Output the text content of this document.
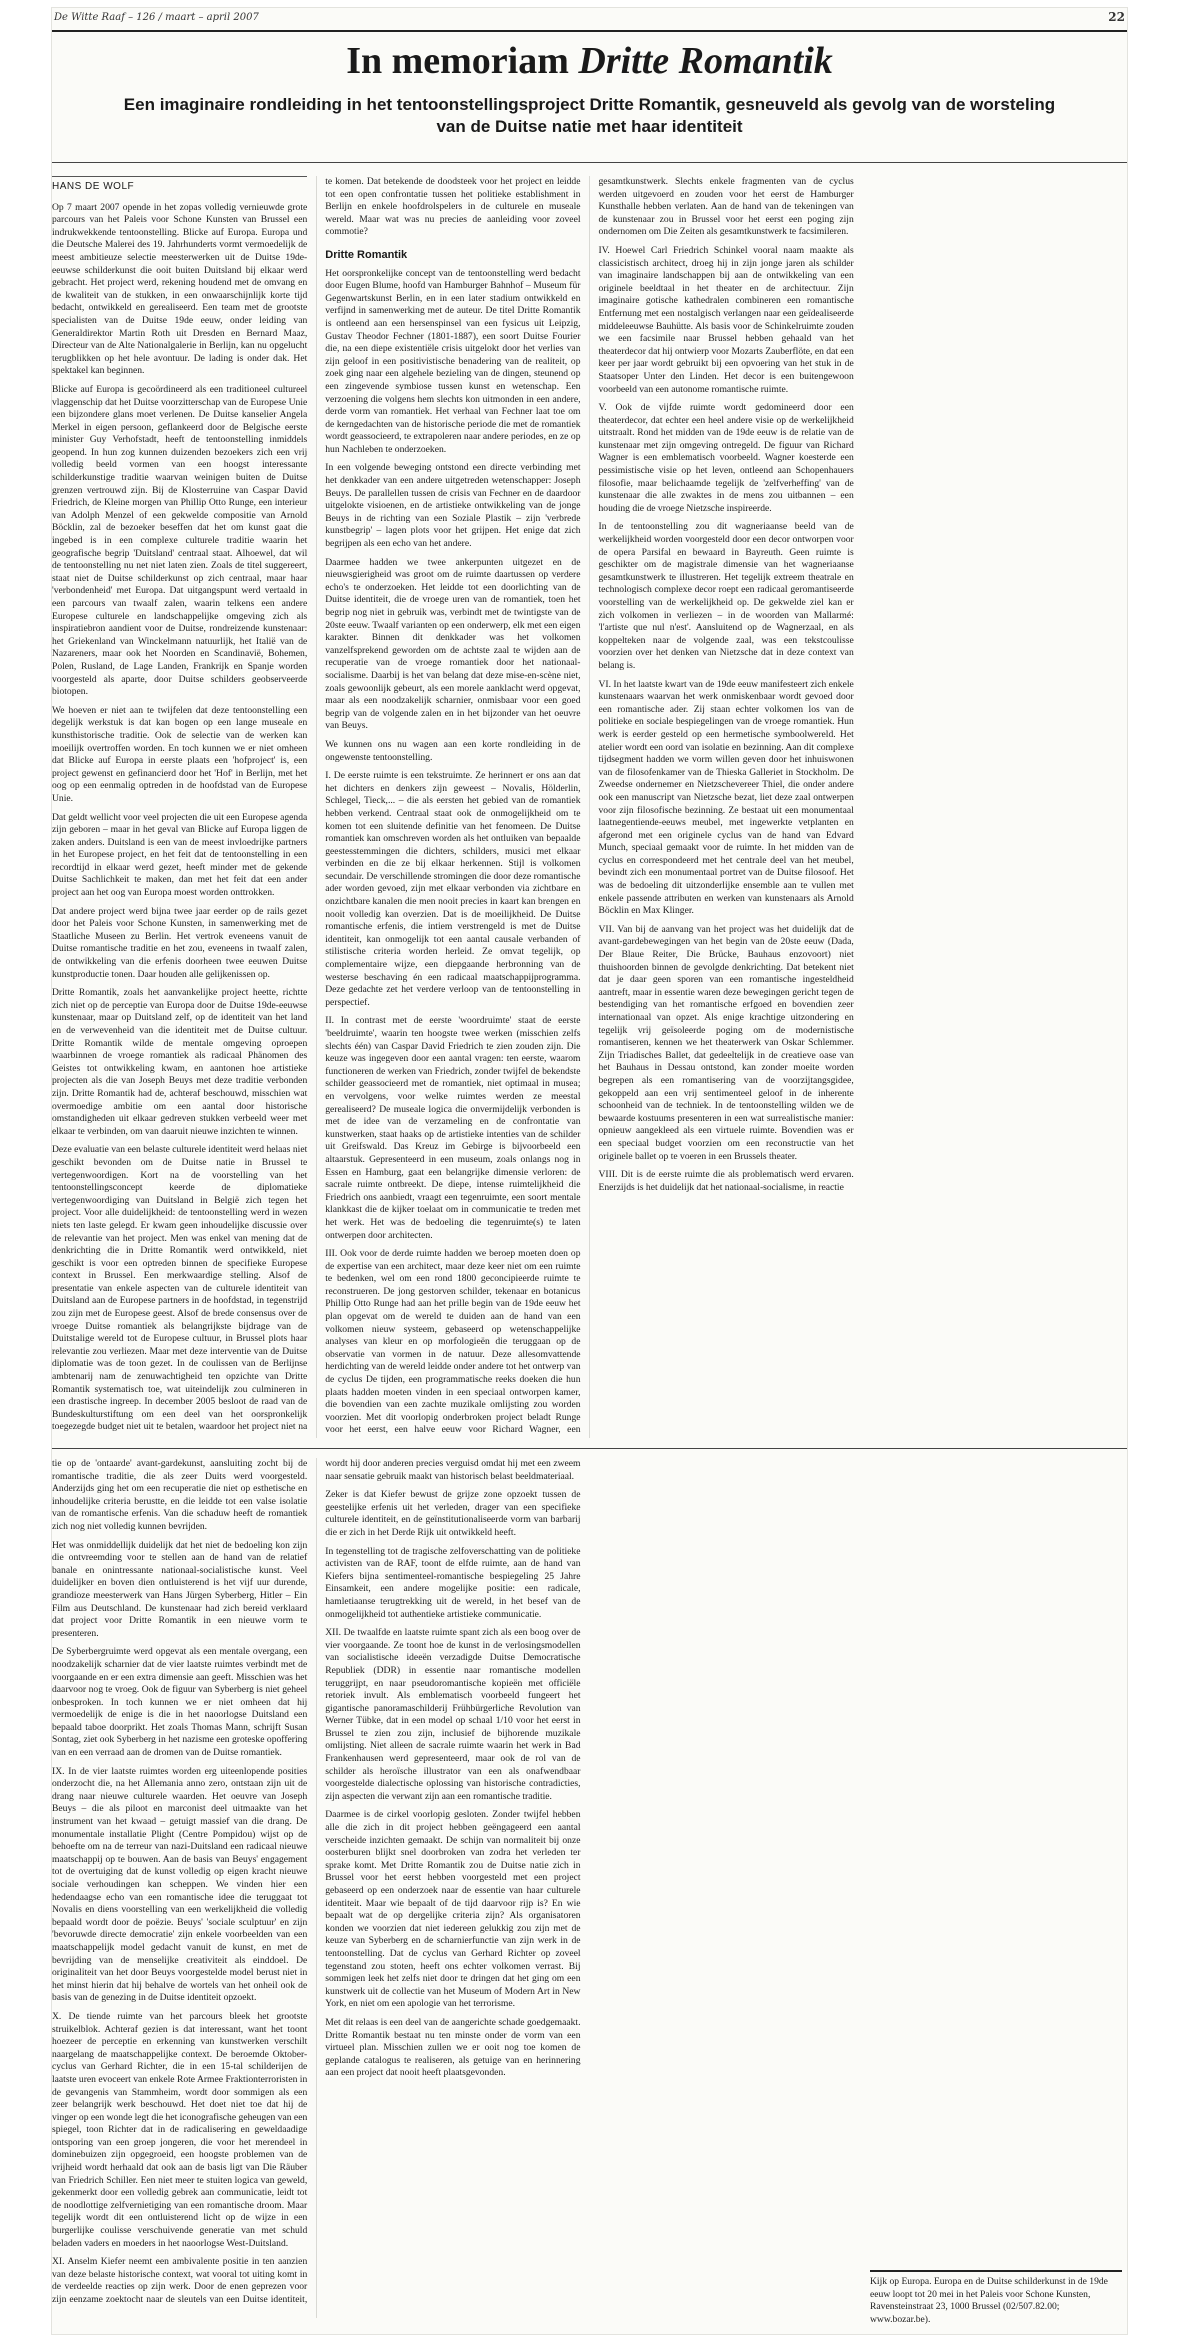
De Witte Raaf – 126 / maart – april 2007	22
In memoriam Dritte Romantik
Een imaginaire rondleiding in het tentoonstellingsproject Dritte Romantik, gesneuveld als gevolg van de worsteling van de Duitse natie met haar identiteit
HANS DE WOLF

Op 7 maart 2007 opende in het zopas volledig vernieuwde grote parcours van het Paleis voor Schone Kunsten van Brussel een indrukwekkende tentoonstelling. Blicke auf Europa. Europa und die Deutsche Malerei des 19. Jahrhunderts vormt vermoedelijk de meest ambitieuze selectie meesterwerken uit de Duitse 19de-eeuwse schilderkunst die ooit buiten Duitsland bij elkaar werd gebracht. Het project werd, rekening houdend met de omvang en de kwaliteit van de stukken, in een onwaarschijnlijk korte tijd bedacht, ontwikkeld en gerealiseerd. Een team met de grootste specialisten van de Duitse 19de eeuw, onder leiding van Generaldirektor Martin Roth uit Dresden en Bernard Maaz, Directeur van de Alte Nationalgalerie in Berlijn, kan nu opgelucht terugblikken op het hele avontuur. De lading is onder dak. Het spektakel kan beginnen.

Blicke auf Europa is gecoördineerd als een traditioneel cultureel vlaggenschip dat het Duitse voorzitterschap van de Europese Unie een bijzondere glans moet verlenen. De Duitse kanselier Angela Merkel in eigen persoon, geflankeerd door de Belgische eerste minister Guy Verhofstadt, heeft de tentoonstelling inmiddels geopend. In hun zog kunnen duizenden bezoekers zich een vrij volledig beeld vormen van een hoogst interessante schilderkunstige traditie waarvan weinigen buiten de Duitse grenzen vertrouwd zijn. Bij de Klosterruine van Caspar David Friedrich, de Kleine morgen van Phillip Otto Runge, een interieur van Adolph Menzel of een gekwelde compositie van Arnold Böcklin, zal de bezoeker beseffen dat het om kunst gaat die ingebed is in een complexe culturele traditie waarin het geografische begrip 'Duitsland' centraal staat. Alhoewel, dat wil de tentoonstelling nu net niet laten zien. Zoals de titel suggereert, staat niet de Duitse schilderkunst op zich centraal, maar haar 'verbondenheid' met Europa. Dat uitgangspunt werd vertaald in een parcours van twaalf zalen, waarin telkens een andere Europese culturele en landschappelijke omgeving zich als inspiratiebron aandient voor de Duitse, rondreizende kunstenaar: het Griekenland van Winckelmann natuurlijk, het Italië van de Nazareners, maar ook het Noorden en Scandinavië, Bohemen, Polen, Rusland, de Lage Landen, Frankrijk en Spanje worden voorgesteld als aparte, door Duitse schilders geobserveerde biotopen.

We hoeven er niet aan te twijfelen dat deze tentoonstelling een degelijk werkstuk is dat kan bogen op een lange museale en kunsthistorische traditie. Ook de selectie van de werken kan moeilijk overtroffen worden. En toch kunnen we er niet omheen dat Blicke auf Europa in eerste plaats een 'hofproject' is, een project gewenst en gefinancierd door het 'Hof' in Berlijn, met het oog op een eenmalig optreden in de hoofdstad van de Europese Unie.

Dat geldt wellicht voor veel projecten die uit een Europese agenda zijn geboren – maar in het geval van Blicke auf Europa liggen de zaken anders. Duitsland is een van de meest invloedrijke partners in het Europese project, en het feit dat de tentoonstelling in een recordtijd in elkaar werd gezet, heeft minder met de gekende Duitse Sachlichkeit te maken, dan met het feit dat een ander project aan het oog van Europa moest worden onttrokken.

Dat andere project werd bijna twee jaar eerder op de rails gezet door het Paleis voor Schone Kunsten, in samenwerking met de Staatliche Museen zu Berlin. Het vertrok eveneens vanuit de Duitse romantische traditie en het zou, eveneens in twaalf zalen, de ontwikkeling van die erfenis doorheen twee eeuwen Duitse kunstproductie tonen. Daar houden alle gelijkenissen op.

Dritte Romantik, zoals het aanvankelijke project heette, richtte zich niet op de perceptie van Europa door de Duitse 19de-eeuwse kunstenaar, maar op Duitsland zelf, op de identiteit van het land en de verwevenheid van die identiteit met de Duitse cultuur. Dritte Romantik wilde de mentale omgeving oproepen waarbinnen de vroege romantiek als radicaal Phänomen des Geistes tot ontwikkeling kwam, en aantonen hoe artistieke projecten als die van Joseph Beuys met deze traditie verbonden zijn. Dritte Romantik had de, achteraf beschouwd, misschien wat overmoedige ambitie om een aantal door historische omstandigheden uit elkaar gedreven stukken verbeeld weer met elkaar te verbinden, om van daaruit nieuwe inzichten te winnen.

Deze evaluatie van een belaste culturele identiteit werd helaas niet geschikt bevonden om de Duitse natie in Brussel te vertegenwoordigen. Kort na de voorstelling van het tentoonstellingsconcept keerde de diplomatieke vertegenwoordiging van Duitsland in België zich tegen het project. Voor alle duidelijkheid: de tentoonstelling werd in wezen niets ten laste gelegd. Er kwam geen inhoudelijke discussie over de relevantie van het project. Men was enkel van mening dat de denkrichting die in Dritte Romantik werd ontwikkeld, niet geschikt is voor een optreden binnen de specifieke Europese context in Brussel. Een merkwaardige stelling. Alsof de presentatie van enkele aspecten van de culturele identiteit van Duitsland aan de Europese partners in de hoofdstad, in tegenstrijd zou zijn met de Europese geest. Alsof de brede consensus over de vroege Duitse romantiek als belangrijkste bijdrage van de Duitstalige wereld tot de Europese cultuur, in Brussel plots haar relevantie zou verliezen. Maar met deze interventie van de Duitse diplomatie was de toon gezet. In de coulissen van de Berlijnse ambtenarij nam de zenuwachtigheid ten opzichte van Dritte Romantik systematisch toe, wat uiteindelijk zou culmineren in een drastische ingreep. In december 2005 besloot de raad van de Bundeskulturstiftung om een deel van het oorspronkelijk toegezegde budget niet uit te betalen, waardoor het project niet na te komen. Dat betekende de doodsteek voor het project en leidde tot een open confrontatie tussen het politieke establishment in Berlijn en enkele hoofdrolspelers in de culturele en museale wereld. Maar wat was nu precies de aanleiding voor zoveel commotie?

Dritte Romantik

Het oorspronkelijke concept van de tentoonstelling werd bedacht door Eugen Blume, hoofd van Hamburger Bahnhof – Museum für Gegenwartskunst Berlin, en in een later stadium ontwikkeld en verfijnd in samenwerking met de auteur. De titel Dritte Romantik is ontleend aan een hersenspinsel van een fysicus uit Leipzig, Gustav Theodor Fechner (1801-1887), een soort Duitse Fourier die, na een diepe existentiële crisis uitgelokt door het verlies van zijn geloof in een positivistische benadering van de realiteit, op zoek ging naar een algehele bezieling van de dingen, steunend op een zingevende symbiose tussen kunst en wetenschap. Een verzoening die volgens hem slechts kon uitmonden in een andere, derde vorm van romantiek. Het verhaal van Fechner laat toe om de kerngedachten van de historische periode die met de romantiek wordt geassocieerd, te extrapoleren naar andere periodes, en ze op hun Nachleben te onderzoeken.

In een volgende beweging ontstond een directe verbinding met het denkkader van een andere uitgetreden wetenschapper: Joseph Beuys. De parallellen tussen de crisis van Fechner en de daardoor uitgelokte visioenen, en de artistieke ontwikkeling van de jonge Beuys in de richting van een Soziale Plastik – zijn 'verbrede kunstbegrip' – lagen plots voor het grijpen. Het enige dat zich begrijpen als een echo van het andere.

Daarmee hadden we twee ankerpunten uitgezet en de nieuwsgierigheid was groot om de ruimte daartussen op verdere echo's te onderzoeken. Het leidde tot een doorlichting van de Duitse identiteit, die de vroege uren van de romantiek, toen het begrip nog niet in gebruik was, verbindt met de twintigste van de 20ste eeuw. Twaalf varianten op een onderwerp, elk met een eigen karakter. Binnen dit denkkader was het volkomen vanzelfsprekend geworden om de achtste zaal te wijden aan de recuperatie van de vroege romantiek door het nationaal-socialisme. Daarbij is het van belang dat deze mise-en-scène niet, zoals gewoonlijk gebeurt, als een morele aanklacht werd opgevat, maar als een noodzakelijk scharnier, onmisbaar voor een goed begrip van de volgende zalen en in het bijzonder van het oeuvre van Beuys.

We kunnen ons nu wagen aan een korte rondleiding in de ongewenste tentoonstelling.

I. De eerste ruimte is een tekstruimte. Ze herinnert er ons aan dat het dichters en denkers zijn geweest – Novalis, Hölderlin, Schlegel, Tieck,... – die als eersten het gebied van de romantiek hebben verkend. Centraal staat ook de onmogelijkheid om te komen tot een sluitende definitie van het fenomeen. De Duitse romantiek kan omschreven worden als het ontluiken van bepaalde geestesstemmingen die dichters, schilders, musici met elkaar verbinden en die ze bij elkaar herkennen. Stijl is volkomen secundair. De verschillende stromingen die door deze romantische ader worden gevoed, zijn met elkaar verbonden via zichtbare en onzichtbare kanalen die men nooit precies in kaart kan brengen en nooit volledig kan overzien. Dat is de moeilijkheid. De Duitse romantische erfenis, die intiem verstrengeld is met de Duitse identiteit, kan onmogelijk tot een aantal causale verbanden of stilistische criteria worden herleid. Ze omvat tegelijk, op complementaire wijze, een diepgaande herbronning van de westerse beschaving én een radicaal maatschappijprogramma. Deze gedachte zet het verdere verloop van de tentoonstelling in perspectief.

II. In contrast met de eerste 'woordruimte' staat de eerste 'beeldruimte', waarin ten hoogste twee werken (misschien zelfs slechts één) van Caspar David Friedrich te zien zouden zijn. Die keuze was ingegeven door een aantal vragen: ten eerste, waarom functioneren de werken van Friedrich, zonder twijfel de bekendste schilder geassocieerd met de romantiek, niet optimaal in musea; en vervolgens, voor welke ruimtes werden ze meestal gerealiseerd? De museale logica die onvermijdelijk verbonden is met de idee van de verzameling en de confrontatie van kunstwerken, staat haaks op de artistieke intenties van de schilder uit Greifswald. Das Kreuz im Gebirge is bijvoorbeeld een altaarstuk. Gepresenteerd in een museum, zoals onlangs nog in Essen en Hamburg, gaat een belangrijke dimensie verloren: de sacrale ruimte ontbreekt. De diepe, intense ruimtelijkheid die Friedrich ons aanbiedt, vraagt een tegenruimte, een soort mentale klankkast die de kijker toelaat om in communicatie te treden met het werk. Het was de bedoeling die tegenruimte(s) te laten ontwerpen door architecten.

III. Ook voor de derde ruimte hadden we beroep moeten doen op de expertise van een architect, maar deze keer niet om een ruimte te bedenken, wel om een rond 1800 geconcipieerde ruimte te reconstrueren. De jong gestorven schilder, tekenaar en botanicus Phillip Otto Runge had aan het prille begin van de 19de eeuw het plan opgevat om de wereld te duiden aan de hand van een volkomen nieuw systeem, gebaseerd op wetenschappelijke analyses van kleur en op morfologieën die teruggaan op de observatie van vormen in de natuur. Deze allesomvattende herdichting van de wereld leidde onder andere tot het ontwerp van de cyclus De tijden, een programmatische reeks doeken die hun plaats hadden moeten vinden in een speciaal ontworpen kamer, die bovendien van een zachte muzikale omlijsting zou worden voorzien. Met dit voorlopig onderbroken project beladt Runge voor het eerst, een halve eeuw voor Richard Wagner, een gesamtkunstwerk. Slechts enkele fragmenten van de cyclus werden uitgevoerd en zouden voor het eerst de Hamburger Kunsthalle hebben verlaten. Aan de hand van de tekeningen van de kunstenaar zou in Brussel voor het eerst een poging zijn ondernomen om Die Zeiten als gesamtkunstwerk te facsimileren.

IV. Hoewel Carl Friedrich Schinkel vooral naam maakte als classicistisch architect, droeg hij in zijn jonge jaren als schilder van imaginaire landschappen bij aan de ontwikkeling van een originele beeldtaal in het theater en de architectuur. Zijn imaginaire gotische kathedralen combineren een romantische Entfernung met een nostalgisch verlangen naar een geïdealiseerde middeleeuwse Bauhütte. Als basis voor de Schinkelruimte zouden we een facsimile naar Brussel hebben gehaald van het theaterdecor dat hij ontwierp voor Mozarts Zauberflöte, en dat een keer per jaar wordt gebruikt bij een opvoering van het stuk in de Staatsoper Unter den Linden. Het decor is een buitengewoon voorbeeld van een autonome romantische ruimte.

V. Ook de vijfde ruimte wordt gedomineerd door een theaterdecor, dat echter een heel andere visie op de werkelijkheid uitstraalt. Rond het midden van de 19de eeuw is de relatie van de kunstenaar met zijn omgeving ontregeld. De figuur van Richard Wagner is een emblematisch voorbeeld. Wagner koesterde een pessimistische visie op het leven, ontleend aan Schopenhauers filosofie, maar belichaamde tegelijk de 'zelfverheffing' van de kunstenaar die alle zwaktes in de mens zou uitbannen – een houding die de vroege Nietzsche inspireerde.

In de tentoonstelling zou dit wagneriaanse beeld van de werkelijkheid worden voorgesteld door een decor ontworpen voor de opera Parsifal en bewaard in Bayreuth. Geen ruimte is geschikter om de magistrale dimensie van het wagneriaanse gesamtkunstwerk te illustreren. Het tegelijk extreem theatrale en technologisch complexe decor roept een radicaal geromantiseerde voorstelling van de werkelijkheid op. De gekwelde ziel kan er zich volkomen in verliezen – in de woorden van Mallarmé: 'l'artiste que nul n'est'. Aansluitend op de Wagnerzaal, en als koppelteken naar de volgende zaal, was een tekstcoulisse voorzien over het denken van Nietzsche dat in deze context van belang is.

VI. In het laatste kwart van de 19de eeuw manifesteert zich enkele kunstenaars waarvan het werk onmiskenbaar wordt gevoed door een romantische ader. Zij staan echter volkomen los van de politieke en sociale bespiegelingen van de vroege romantiek. Hun werk is eerder gesteld op een hermetische symboolwereld. Het atelier wordt een oord van isolatie en bezinning. Aan dit complexe tijdsegment hadden we vorm willen geven door het inhuiswonen van de filosofenkamer van de Thieska Galleriet in Stockholm. De Zweedse ondernemer en Nietzschevereer Thiel, die onder andere ook een manuscript van Nietzsche bezat, liet deze zaal ontwerpen voor zijn filosofische bezinning. Ze bestaat uit een monumentaal laatnegentiende-eeuws meubel, met ingewerkte vetplanten en afgerond met een originele cyclus van de hand van Edvard Munch, speciaal gemaakt voor de ruimte. In het midden van de cyclus en correspondeerd met het centrale deel van het meubel, bevindt zich een monumentaal portret van de Duitse filosoof. Het was de bedoeling dit uitzonderlijke ensemble aan te vullen met enkele passende attributen en werken van kunstenaars als Arnold Böcklin en Max Klinger.

VII. Van bij de aanvang van het project was het duidelijk dat de avant-gardebewegingen van het begin van de 20ste eeuw (Dada, Der Blaue Reiter, Die Brücke, Bauhaus enzovoort) niet thuishoorden binnen de gevolgde denkrichting. Dat betekent niet dat je daar geen sporen van een romantische ingesteldheid aantreft, maar in essentie waren deze bewegingen gericht tegen de bestendiging van het romantische erfgoed en bovendien zeer internationaal van opzet. Als enige krachtige uitzondering en tegelijk vrij geïsoleerde poging om de modernistische romantiseren, kennen we het theaterwerk van Oskar Schlemmer. Zijn Triadisches Ballet, dat gedeeltelijk in de creatieve oase van het Bauhaus in Dessau ontstond, kan zonder moeite worden begrepen als een romantisering van de voorzijtangsgidee, gekoppeld aan een vrij sentimenteel geloof in de inherente schoonheid van de techniek. In de tentoonstelling wilden we de bewaarde kostuums presenteren in een wat surrealistische manier: opnieuw aangekleed als een virtuele ruimte. Bovendien was er een speciaal budget voorzien om een reconstructie van het originele ballet op te voeren in een Brussels theater.

VIII. Dit is de eerste ruimte die als problematisch werd ervaren. Enerzijds is het duidelijk dat het nationaal-socialisme, in reactie

tie op de 'ontaarde' avant-gardekunst, aansluiting zocht bij de romantische traditie, die als zeer Duits werd voorgesteld. Anderzijds ging het om een recuperatie die niet op esthetische en inhoudelijke criteria berustte, en die leidde tot een valse isolatie van de romantische erfenis. Van die schaduw heeft de romantiek zich nog niet volledig kunnen bevrijden.

Het was onmiddellijk duidelijk dat het niet de bedoeling kon zijn die ontvreemding voor te stellen aan de hand van de relatief banale en onintressante nationaal-socialistische kunst. Veel duidelijker en boven dien ontluisterend is het vijf uur durende, grandioze meesterwerk van Hans Jürgen Syberberg, Hitler – Ein Film aus Deutschland. De kunstenaar had zich bereid verklaard dat project voor Dritte Romantik in een nieuwe vorm te presenteren.

De Syberbergruimte werd opgevat als een mentale overgang, een noodzakelijk scharnier dat de vier laatste ruimtes verbindt met de voorgaande en er een extra dimensie aan geeft. Misschien was het daarvoor nog te vroeg. Ook de figuur van Syberberg is niet geheel onbesproken. In toch kunnen we er niet omheen dat hij vermoedelijk de enige is die in het naoorlogse Duitsland een bepaald taboe doorprikt. Het zoals Thomas Mann, schrijft Susan Sontag, ziet ook Syberberg in het nazisme een groteske opoffering van en een verraad aan de dromen van de Duitse romantiek.

IX. In de vier laatste ruimtes worden erg uiteenlopende posities onderzocht die, na het Allemania anno zero, ontstaan zijn uit de drang naar nieuwe culturele waarden. Het oeuvre van Joseph Beuys – die als piloot en marconist deel uitmaakte van het instrument van het kwaad – getuigt massief van die drang. De monumentale installatie Plight (Centre Pompidou) wijst op de behoefte om na de terreur van nazi-Duitsland een radicaal nieuwe maatschappij op te bouwen. Aan de basis van Beuys' engagement tot de overtuiging dat de kunst volledig op eigen kracht nieuwe sociale verhoudingen kan scheppen. We vinden hier een hedendaagse echo van een romantische idee die teruggaat tot Novalis en diens voorstelling van een werkelijkheid die volledig bepaald wordt door de poëzie. Beuys' 'sociale sculptuur' en zijn 'bevoruwde directe democratie' zijn enkele voorbeelden van een maatschappelijk model gedacht vanuit de kunst, en met de bevrijding van de menselijke creativiteit als einddoel. De originaliteit van het door Beuys voorgestelde model berust niet in het minst hierin dat hij behalve de wortels van het onheil ook de basis van de genezing in de Duitse identiteit opzoekt.

X. De tiende ruimte van het parcours bleek het grootste struikelblok. Achteraf gezien is dat interessant, want het toont hoezeer de perceptie en erkenning van kunstwerken verschilt naargelang de maatschappelijke context. De beroemde Oktober-cyclus van Gerhard Richter, die in een 15-tal schilderijen de laatste uren evoceert van enkele Rote Armee Fraktionterroristen in de gevangenis van Stammheim, wordt door sommigen als een zeer belangrijk werk beschouwd. Het doet niet toe dat hij de vinger op een wonde legt die het iconografische geheugen van een spiegel, toon Richter dat in de radicalisering en geweldaadige ontsporing van een groep jongeren, die voor het merendeel in dominebuizen zijn opgegroeid, een hoogste problemen van de vrijheid wordt herhaald dat ook aan de basis ligt van Die Räuber van Friedrich Schiller. Een niet meer te stuiten logica van geweld, gekenmerkt door een volledig gebrek aan communicatie, leidt tot de noodlottige zelfvernietiging van een romantische droom. Maar tegelijk wordt dit een ontluisterend licht op de wijze in een burgerlijke coulisse verschuivende generatie van met schuld beladen vaders en moeders in het naoorlogse West-Duitsland.

XI. Anselm Kiefer neemt een ambivalente positie in ten aanzien van deze belaste historische context, wat vooral tot uiting komt in de verdeelde reacties op zijn werk. Door de enen geprezen voor zijn eenzame zoektocht naar de sleutels van een Duitse identiteit, wordt hij door anderen precies verguisd omdat hij met een zweem naar sensatie gebruik maakt van historisch belast beeldmateriaal.

Zeker is dat Kiefer bewust de grijze zone opzoekt tussen de geestelijke erfenis uit het verleden, drager van een specifieke culturele identiteit, en de geïnstitutionaliseerde vorm van barbarij die er zich in het Derde Rijk uit ontwikkeld heeft.

In tegenstelling tot de tragische zelfoverschatting van de politieke activisten van de RAF, toont de elfde ruimte, aan de hand van Kiefers bijna sentimenteel-romantische bespiegeling 25 Jahre Einsamkeit, een andere mogelijke positie: een radicale, hamletiaanse terugtrekking uit de wereld, in het besef van de onmogelijkheid tot authentieke artistieke communicatie.

XII. De twaalfde en laatste ruimte spant zich als een boog over de vier voorgaande. Ze toont hoe de kunst in de verlosingsmodellen van socialistische ideeën verzadigde Duitse Democratische Republiek (DDR) in essentie naar romantische modellen teruggrijpt, en naar pseudoromantische kopieën met officiële retoriek invult. Als emblematisch voorbeeld fungeert het gigantische panoramaschilderij Frühbürgerliche Revolution van Werner Tübke, dat in een model op schaal 1/10 voor het eerst in Brussel te zien zou zijn, inclusief de bijhorende muzikale omlijsting. Niet alleen de sacrale ruimte waarin het werk in Bad Frankenhausen werd gepresenteerd, maar ook de rol van de schilder als heroïsche illustrator van een als onafwendbaar voorgestelde dialectische oplossing van historische contradicties, zijn aspecten die verwant zijn aan een romantische traditie.

Daarmee is de cirkel voorlopig gesloten. Zonder twijfel hebben alle die zich in dit project hebben geëngageerd een aantal verscheide inzichten gemaakt. De schijn van normaliteit bij onze oosterburen blijkt snel doorbroken van zodra het verleden ter sprake komt. Met Dritte Romantik zou de Duitse natie zich in Brussel voor het eerst hebben voorgesteld met een project gebaseerd op een onderzoek naar de essentie van haar culturele identiteit. Maar wie bepaalt of de tijd daarvoor rijp is? En wie bepaalt wat de op dergelijke criteria zijn? Als organisatoren konden we voorzien dat niet iedereen gelukkig zou zijn met de keuze van Syberberg en de scharnierfunctie van zijn werk in de tentoonstelling. Dat de cyclus van Gerhard Richter op zoveel tegenstand zou stoten, heeft ons echter volkomen verrast. Bij sommigen leek het zelfs niet door te dringen dat het ging om een kunstwerk uit de collectie van het Museum of Modern Art in New York, en niet om een apologie van het terrorisme.

Met dit relaas is een deel van de aangerichte schade goedgemaakt. Dritte Romantik bestaat nu ten minste onder de vorm van een virtueel plan. Misschien zullen we er ooit nog toe komen de geplande catalogus te realiseren, als getuige van en herinnering aan een project dat nooit heeft plaatsgevonden.

Kijk op Europa. Europa en de Duitse schilderkunst in de 19de eeuw loopt tot 20 mei in het Paleis voor Schone Kunsten, Ravensteinstraat 23, 1000 Brussel (02/507.82.00; www.bozar.be).
